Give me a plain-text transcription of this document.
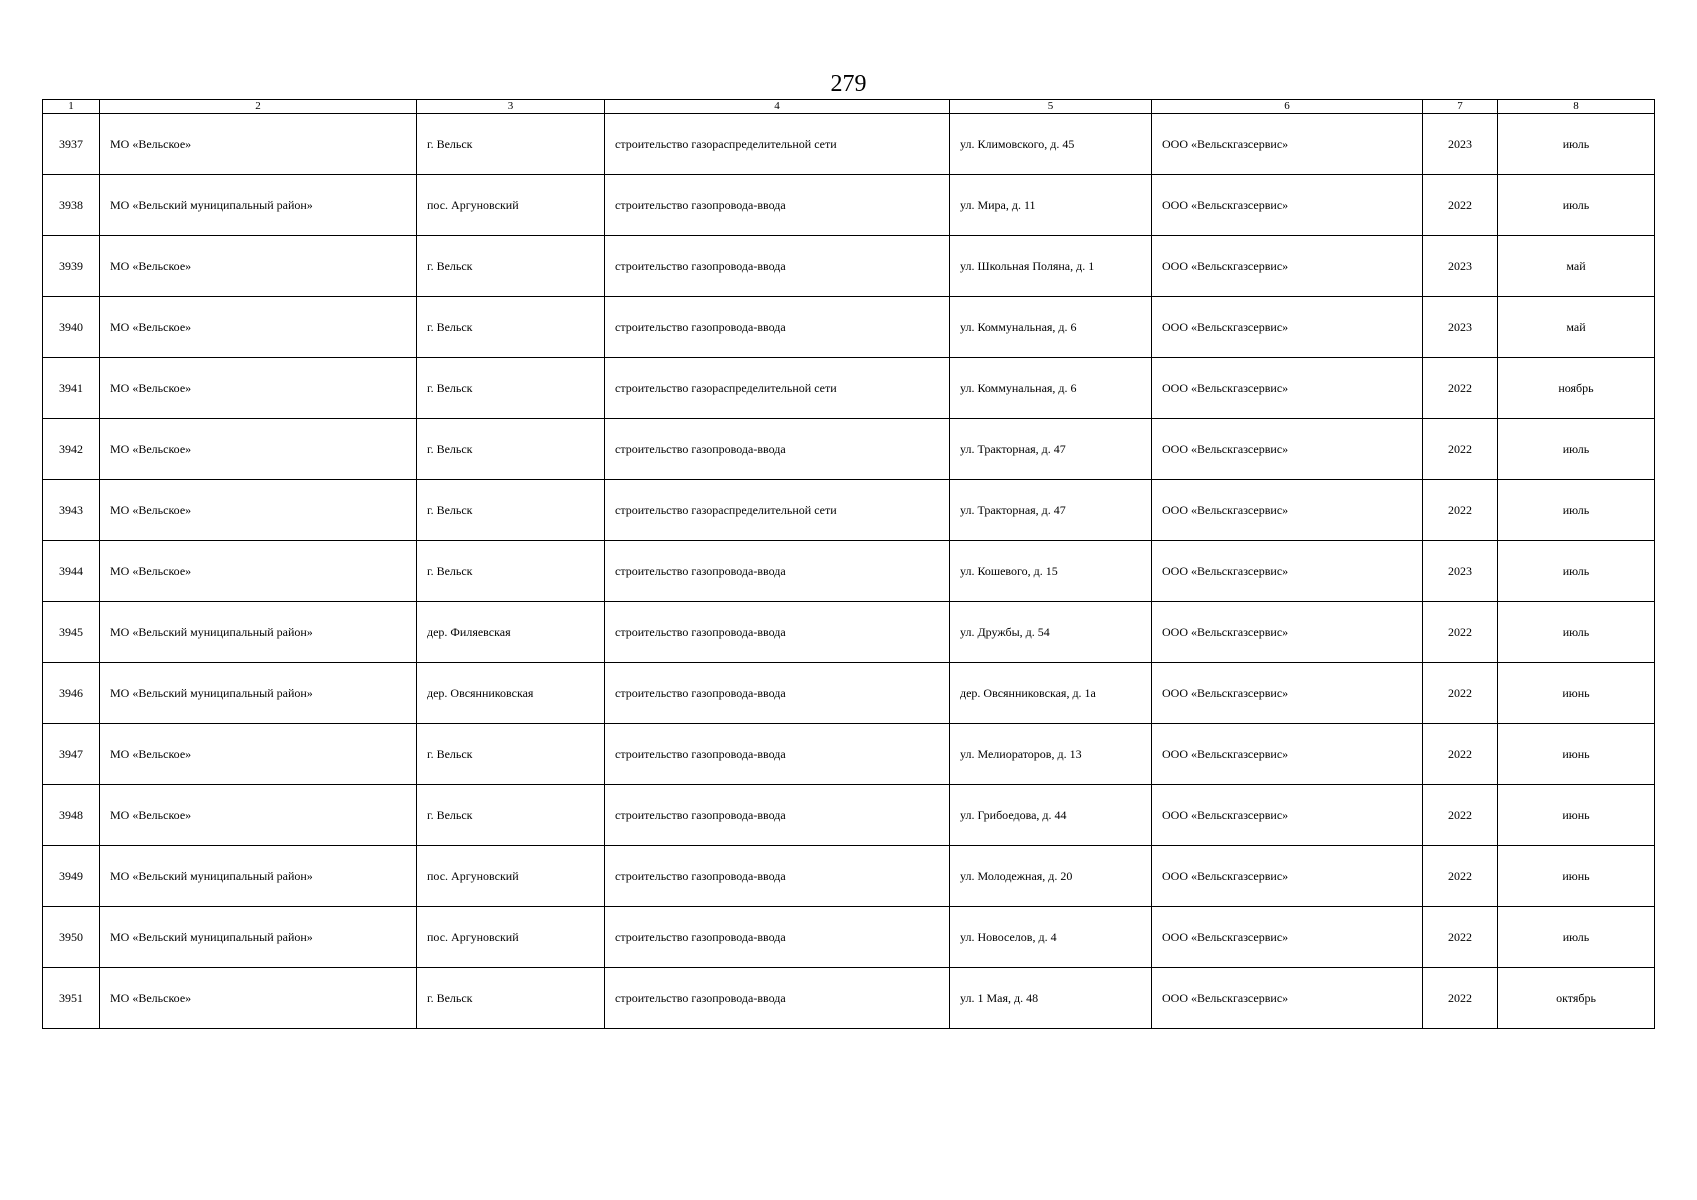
279
1	2	3	4	5	6	7	8
3937	МО «Вельское»	г. Вельск	строительство газораспределительной сети	ул. Климовского, д. 45	ООО «Вельскгазсервис»	2023	июль
3938	МО «Вельский муниципальный район»	пос. Аргуновский	строительство газопровода-ввода	ул. Мира, д. 11	ООО «Вельскгазсервис»	2022	июль
3939	МО «Вельское»	г. Вельск	строительство газопровода-ввода	ул. Школьная Поляна, д. 1	ООО «Вельскгазсервис»	2023	май
3940	МО «Вельское»	г. Вельск	строительство газопровода-ввода	ул. Коммунальная, д. 6	ООО «Вельскгазсервис»	2023	май
3941	МО «Вельское»	г. Вельск	строительство газораспределительной сети	ул. Коммунальная, д. 6	ООО «Вельскгазсервис»	2022	ноябрь
3942	МО «Вельское»	г. Вельск	строительство газопровода-ввода	ул. Тракторная, д. 47	ООО «Вельскгазсервис»	2022	июль
3943	МО «Вельское»	г. Вельск	строительство газораспределительной сети	ул. Тракторная, д. 47	ООО «Вельскгазсервис»	2022	июль
3944	МО «Вельское»	г. Вельск	строительство газопровода-ввода	ул. Кошевого, д. 15	ООО «Вельскгазсервис»	2023	июль
3945	МО «Вельский муниципальный район»	дер. Филяевская	строительство газопровода-ввода	ул. Дружбы, д. 54	ООО «Вельскгазсервис»	2022	июль
3946	МО «Вельский муниципальный район»	дер. Овсянниковская	строительство газопровода-ввода	дер. Овсянниковская, д. 1а	ООО «Вельскгазсервис»	2022	июнь
3947	МО «Вельское»	г. Вельск	строительство газопровода-ввода	ул. Мелиораторов, д. 13	ООО «Вельскгазсервис»	2022	июнь
3948	МО «Вельское»	г. Вельск	строительство газопровода-ввода	ул. Грибоедова, д. 44	ООО «Вельскгазсервис»	2022	июнь
3949	МО «Вельский муниципальный район»	пос. Аргуновский	строительство газопровода-ввода	ул. Молодежная, д. 20	ООО «Вельскгазсервис»	2022	июнь
3950	МО «Вельский муниципальный район»	пос. Аргуновский	строительство газопровода-ввода	ул. Новоселов, д. 4	ООО «Вельскгазсервис»	2022	июль
3951	МО «Вельское»	г. Вельск	строительство газопровода-ввода	ул. 1 Мая, д. 48	ООО «Вельскгазсервис»	2022	октябрь
